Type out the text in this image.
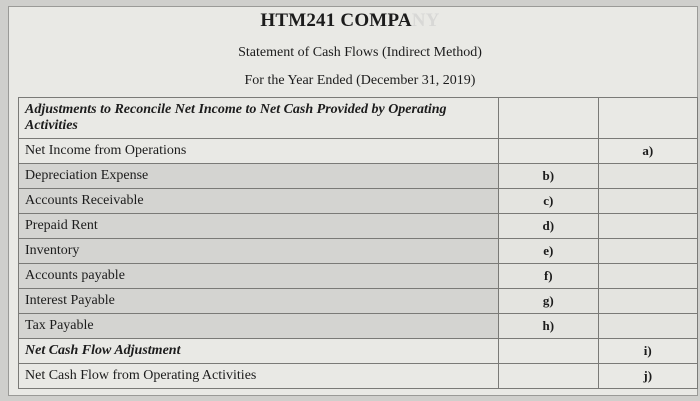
HTM241 COMPANY
Statement of Cash Flows (Indirect Method)
For the Year Ended (December 31, 2019)
Adjustments to Reconcile Net Income to Net Cash Provided by Operating Activities		
Net Income from Operations		a)
Depreciation Expense	b)	
Accounts Receivable	c)	
Prepaid Rent	d)	
Inventory	e)	
Accounts payable	f)	
Interest Payable	g)	
Tax Payable	h)	
Net Cash Flow Adjustment		i)
Net Cash Flow from Operating Activities		j)
